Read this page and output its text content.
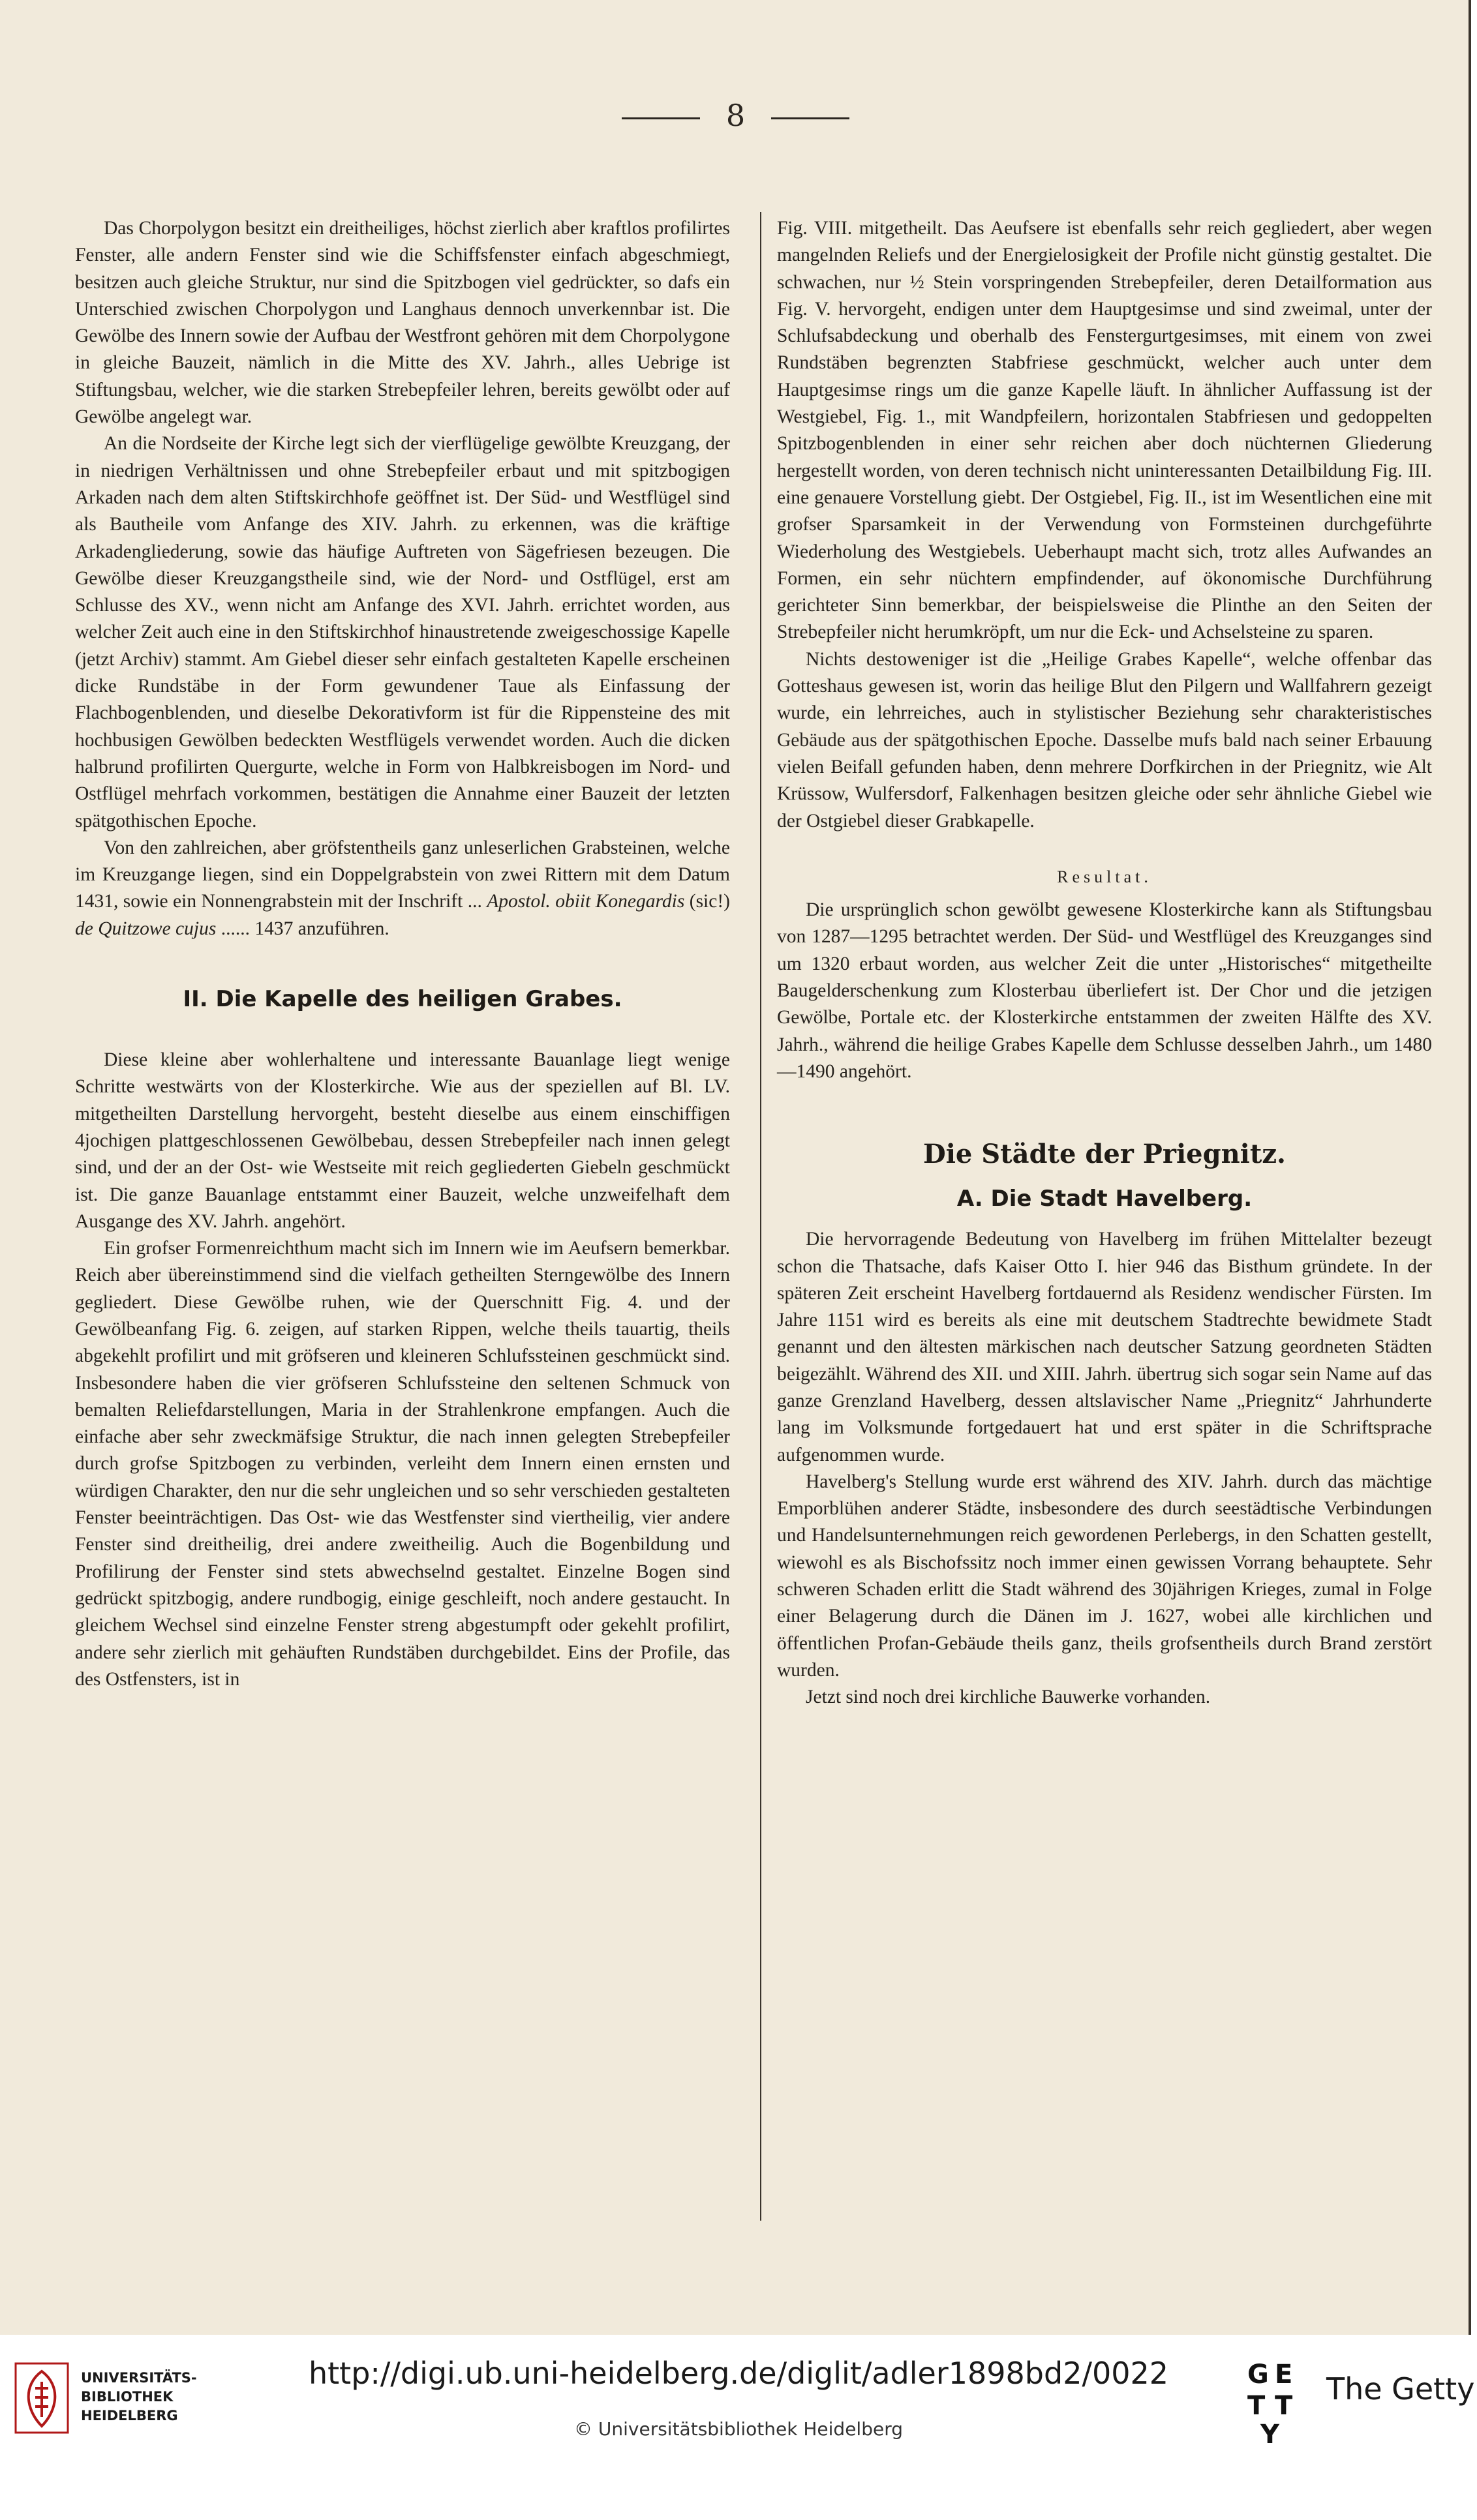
8

Das Chorpolygon besitzt ein dreitheiliges, höchst zierlich aber kraftlos profilirtes Fenster, alle andern Fenster sind wie die Schiffsfenster einfach abgeschmiegt, besitzen auch gleiche Struktur, nur sind die Spitzbogen viel gedrückter, so dafs ein Unterschied zwischen Chorpolygon und Langhaus dennoch unverkennbar ist. Die Gewölbe des Innern sowie der Aufbau der Westfront gehören mit dem Chorpolygone in gleiche Bauzeit, nämlich in die Mitte des XV. Jahrh., alles Uebrige ist Stiftungsbau, welcher, wie die starken Strebepfeiler lehren, bereits gewölbt oder auf Gewölbe angelegt war.

An die Nordseite der Kirche legt sich der vierflügelige gewölbte Kreuzgang, der in niedrigen Verhältnissen und ohne Strebepfeiler erbaut und mit spitzbogigen Arkaden nach dem alten Stiftskirchhofe geöffnet ist. Der Süd- und Westflügel sind als Bautheile vom Anfange des XIV. Jahrh. zu erkennen, was die kräftige Arkadengliederung, sowie das häufige Auftreten von Sägefriesen bezeugen. Die Gewölbe dieser Kreuzgangstheile sind, wie der Nord- und Ostflügel, erst am Schlusse des XV., wenn nicht am Anfange des XVI. Jahrh. errichtet worden, aus welcher Zeit auch eine in den Stiftskirchhof hinaustretende zweigeschossige Kapelle (jetzt Archiv) stammt. Am Giebel dieser sehr einfach gestalteten Kapelle erscheinen dicke Rundstäbe in der Form gewundener Taue als Einfassung der Flachbogenblenden, und dieselbe Dekorativform ist für die Rippensteine des mit hochbusigen Gewölben bedeckten Westflügels verwendet worden. Auch die dicken halbrund profilirten Quergurte, welche in Form von Halbkreisbogen im Nord- und Ostflügel mehrfach vorkommen, bestätigen die Annahme einer Bauzeit der letzten spätgothischen Epoche.

Von den zahlreichen, aber gröfstentheils ganz unleserlichen Grabsteinen, welche im Kreuzgange liegen, sind ein Doppelgrabstein von zwei Rittern mit dem Datum 1431, sowie ein Nonnengrabstein mit der Inschrift ... Apostol. obiit Konegardis (sic!) de Quitzowe cujus ...... 1437 anzuführen.

II. Die Kapelle des heiligen Grabes.

Diese kleine aber wohlerhaltene und interessante Bauanlage liegt wenige Schritte westwärts von der Klosterkirche. Wie aus der speziellen auf Bl. LV. mitgetheilten Darstellung hervorgeht, besteht dieselbe aus einem einschiffigen 4jochigen plattgeschlossenen Gewölbebau, dessen Strebepfeiler nach innen gelegt sind, und der an der Ost- wie Westseite mit reich gegliederten Giebeln geschmückt ist. Die ganze Bauanlage entstammt einer Bauzeit, welche unzweifelhaft dem Ausgange des XV. Jahrh. angehört.

Ein grofser Formenreichthum macht sich im Innern wie im Aeufsern bemerkbar. Reich aber übereinstimmend sind die vielfach getheilten Sterngewölbe des Innern gegliedert. Diese Gewölbe ruhen, wie der Querschnitt Fig. 4. und der Gewölbeanfang Fig. 6. zeigen, auf starken Rippen, welche theils tauartig, theils abgekehlt profilirt und mit gröfseren und kleineren Schlufssteinen geschmückt sind. Insbesondere haben die vier gröfseren Schlufssteine den seltenen Schmuck von bemalten Reliefdarstellungen, Maria in der Strahlenkrone empfangen. Auch die einfache aber sehr zweckmäfsige Struktur, die nach innen gelegten Strebepfeiler durch grofse Spitzbogen zu verbinden, verleiht dem Innern einen ernsten und würdigen Charakter, den nur die sehr ungleichen und so sehr verschieden gestalteten Fenster beeinträchtigen. Das Ost- wie das Westfenster sind viertheilig, vier andere Fenster sind dreitheilig, drei andere zweitheilig. Auch die Bogenbildung und Profilirung der Fenster sind stets abwechselnd gestaltet. Einzelne Bogen sind gedrückt spitzbogig, andere rundbogig, einige geschleift, noch andere gestaucht. In gleichem Wechsel sind einzelne Fenster streng abgestumpft oder gekehlt profilirt, andere sehr zierlich mit gehäuften Rundstäben durchgebildet. Eins der Profile, das des Ostfensters, ist in

Fig. VIII. mitgetheilt. Das Aeufsere ist ebenfalls sehr reich gegliedert, aber wegen mangelnden Reliefs und der Energielosigkeit der Profile nicht günstig gestaltet. Die schwachen, nur ½ Stein vorspringenden Strebepfeiler, deren Detailformation aus Fig. V. hervorgeht, endigen unter dem Hauptgesimse und sind zweimal, unter der Schlufsabdeckung und oberhalb des Fenstergurtgesimses, mit einem von zwei Rundstäben begrenzten Stabfriese geschmückt, welcher auch unter dem Hauptgesimse rings um die ganze Kapelle läuft. In ähnlicher Auffassung ist der Westgiebel, Fig. 1., mit Wandpfeilern, horizontalen Stabfriesen und gedoppelten Spitzbogenblenden in einer sehr reichen aber doch nüchternen Gliederung hergestellt worden, von deren technisch nicht uninteressanten Detailbildung Fig. III. eine genauere Vorstellung giebt. Der Ostgiebel, Fig. II., ist im Wesentlichen eine mit grofser Sparsamkeit in der Verwendung von Formsteinen durchgeführte Wiederholung des Westgiebels. Ueberhaupt macht sich, trotz alles Aufwandes an Formen, ein sehr nüchtern empfindender, auf ökonomische Durchführung gerichteter Sinn bemerkbar, der beispielsweise die Plinthe an den Seiten der Strebepfeiler nicht herumkröpft, um nur die Eck- und Achselsteine zu sparen.

Nichts destoweniger ist die „Heilige Grabes Kapelle“, welche offenbar das Gotteshaus gewesen ist, worin das heilige Blut den Pilgern und Wallfahrern gezeigt wurde, ein lehrreiches, auch in stylistischer Beziehung sehr charakteristisches Gebäude aus der spätgothischen Epoche. Dasselbe mufs bald nach seiner Erbauung vielen Beifall gefunden haben, denn mehrere Dorfkirchen in der Priegnitz, wie Alt Krüssow, Wulfersdorf, Falkenhagen besitzen gleiche oder sehr ähnliche Giebel wie der Ostgiebel dieser Grabkapelle.

Resultat.

Die ursprünglich schon gewölbt gewesene Klosterkirche kann als Stiftungsbau von 1287—1295 betrachtet werden. Der Süd- und Westflügel des Kreuzganges sind um 1320 erbaut worden, aus welcher Zeit die unter „Historisches“ mitgetheilte Baugelderschenkung zum Klosterbau überliefert ist. Der Chor und die jetzigen Gewölbe, Portale etc. der Klosterkirche entstammen der zweiten Hälfte des XV. Jahrh., während die heilige Grabes Kapelle dem Schlusse desselben Jahrh., um 1480—1490 angehört.

Die Städte der Priegnitz.
A. Die Stadt Havelberg.

Die hervorragende Bedeutung von Havelberg im frühen Mittelalter bezeugt schon die Thatsache, dafs Kaiser Otto I. hier 946 das Bisthum gründete. In der späteren Zeit erscheint Havelberg fortdauernd als Residenz wendischer Fürsten. Im Jahre 1151 wird es bereits als eine mit deutschem Stadtrechte bewidmete Stadt genannt und den ältesten märkischen nach deutscher Satzung geordneten Städten beigezählt. Während des XII. und XIII. Jahrh. übertrug sich sogar sein Name auf das ganze Grenzland Havelberg, dessen altslavischer Name „Priegnitz“ Jahrhunderte lang im Volksmunde fortgedauert hat und erst später in die Schriftsprache aufgenommen wurde.

Havelberg's Stellung wurde erst während des XIV. Jahrh. durch das mächtige Emporblühen anderer Städte, insbesondere des durch seestädtische Verbindungen und Handelsunternehmungen reich gewordenen Perlebergs, in den Schatten gestellt, wiewohl es als Bischofssitz noch immer einen gewissen Vorrang behauptete. Sehr schweren Schaden erlitt die Stadt während des 30jährigen Krieges, zumal in Folge einer Belagerung durch die Dänen im J. 1627, wobei alle kirchlichen und öffentlichen Profan-Gebäude theils ganz, theils grofsentheils durch Brand zerstört wurden.

Jetzt sind noch drei kirchliche Bauwerke vorhanden.

UNIVERSITÄTS-
BIBLIOTHEK
HEIDELBERG
http://digi.ub.uni-heidelberg.de/diglit/adler1898bd2/0022
© Universitätsbibliothek Heidelberg
G E
T T
Y
The Getty
